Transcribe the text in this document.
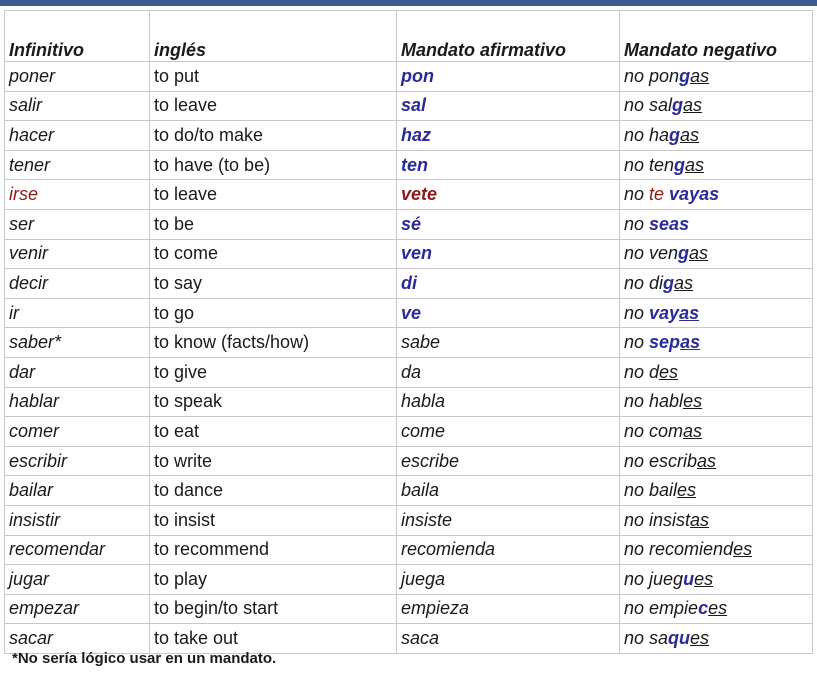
Infinitivo	inglés	Mandato afirmativo	Mandato negativo
poner	to put	pon	no pongas
salir	to leave	sal	no salgas
hacer	to do/to make	haz	no hagas
tener	to have (to be)	ten	no tengas
irse	to leave	vete	no te vayas
ser	to be	sé	no seas
venir	to come	ven	no vengas
decir	to say	di	no digas
ir	to go	ve	no vayas
saber*	to know (facts/how)	sabe	no sepas
dar	to give	da	no des
hablar	to speak	habla	no hables
comer	to eat	come	no comas
escribir	to write	escribe	no escribas
bailar	to dance	baila	no bailes
insistir	to insist	insiste	no insistas
recomendar	to recommend	recomienda	no recomiendes
jugar	to play	juega	no juegues
empezar	to begin/to start	empieza	no empieces
sacar	to take out	saca	no saques
*No sería lógico usar en un mandato.
